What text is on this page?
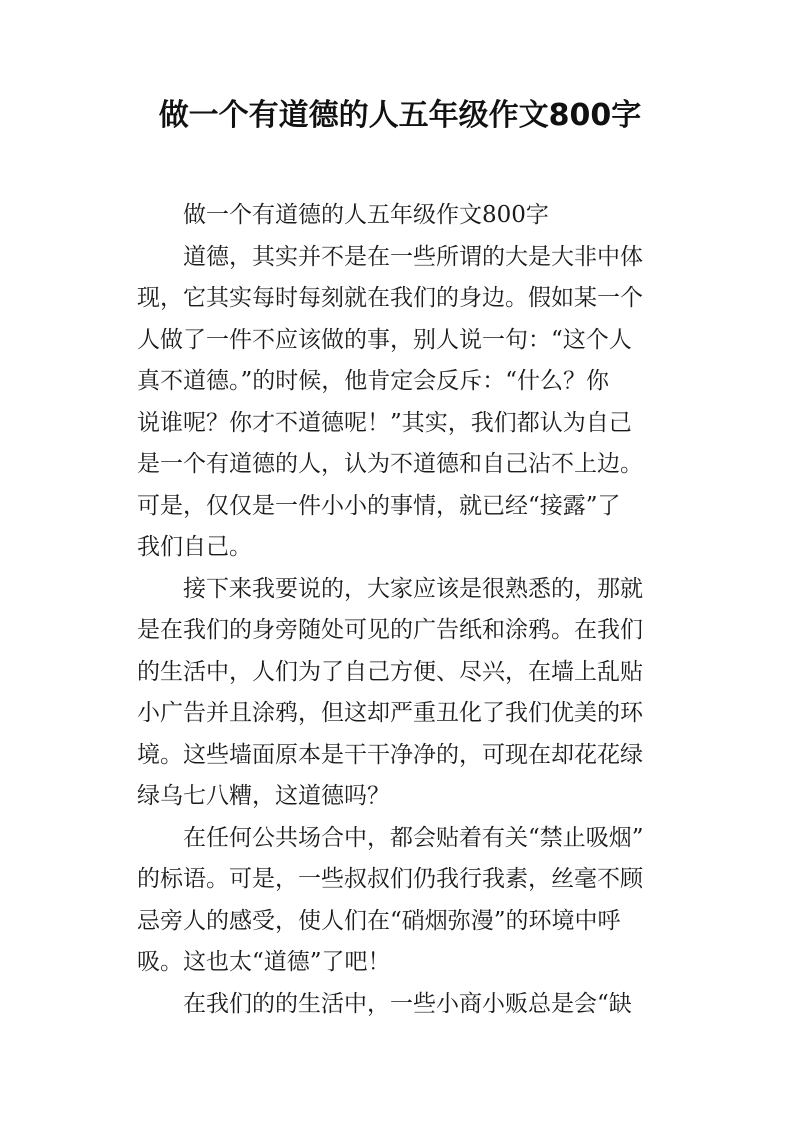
做一个有道德的人五年级作文800字
做一个有道德的人五年级作文800字
道德，其实并不是在一些所谓的大是大非中体
现，它其实每时每刻就在我们的身边。假如某一个
人做了一件不应该做的事，别人说一句：“这个人
真不道德。”的时候，他肯定会反斥：“什么？你
说谁呢？你才不道德呢！”其实，我们都认为自己
是一个有道德的人，认为不道德和自己沾不上边。
可是，仅仅是一件小小的事情，就已经“接露”了
我们自己。
接下来我要说的，大家应该是很熟悉的，那就
是在我们的身旁随处可见的广告纸和涂鸦。在我们
的生活中，人们为了自己方便、尽兴，在墙上乱贴
小广告并且涂鸦，但这却严重丑化了我们优美的环
境。这些墙面原本是干干净净的，可现在却花花绿
绿乌七八糟，这道德吗？
在任何公共场合中，都会贴着有关“禁止吸烟”
的标语。可是，一些叔叔们仍我行我素，丝毫不顾
忌旁人的感受，使人们在“硝烟弥漫”的环境中呼
吸。这也太“道德”了吧！
在我们的的生活中，一些小商小贩总是会“缺
